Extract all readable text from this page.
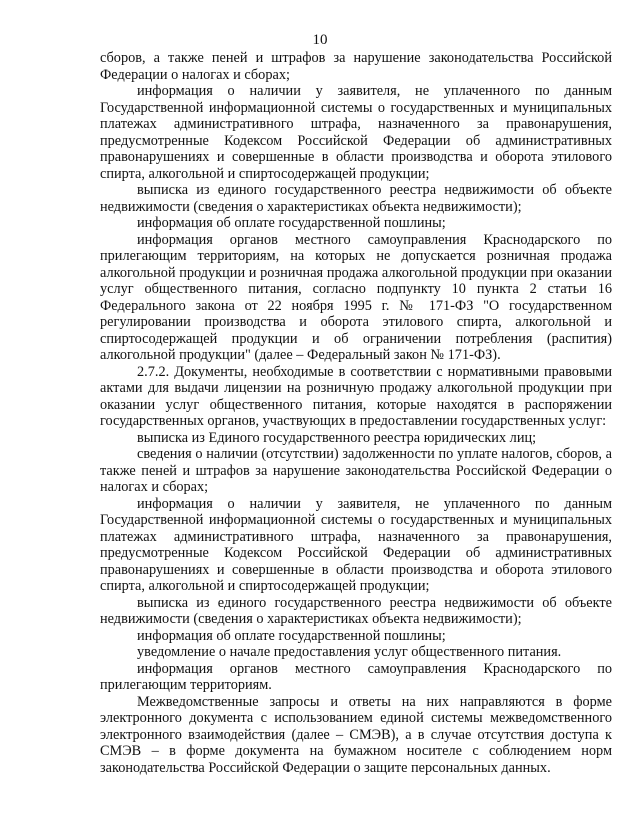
10

сборов, а также пеней и штрафов за нарушение законодательства Российской Федерации о налогах и сборах;

информация о наличии у заявителя, не уплаченного по данным Государственной информационной системы о государственных и муниципальных платежах административного штрафа, назначенного за правонарушения, предусмотренные Кодексом Российской Федерации об административных правонарушениях и совершенные в области производства и оборота этилового спирта, алкогольной и спиртосодержащей продукции;

выписка из единого государственного реестра недвижимости об объекте недвижимости (сведения о характеристиках объекта недвижимости);

информация об оплате государственной пошлины;

информация органов местного самоуправления Краснодарского по прилегающим территориям, на которых не допускается розничная продажа алкогольной продукции и розничная продажа алкогольной продукции при оказании услуг общественного питания, согласно подпункту 10 пункта 2 статьи 16 Федерального закона от 22 ноября 1995 г. № 171-ФЗ "О государственном регулировании производства и оборота этилового спирта, алкогольной и спиртосодержащей продукции и об ограничении потребления (распития) алкогольной продукции" (далее – Федеральный закон № 171-ФЗ).

2.7.2. Документы, необходимые в соответствии с нормативными правовыми актами для выдачи лицензии на розничную продажу алкогольной продукции при оказании услуг общественного питания, которые находятся в распоряжении государственных органов, участвующих в предоставлении государственных услуг:

выписка из Единого государственного реестра юридических лиц;

сведения о наличии (отсутствии) задолженности по уплате налогов, сборов, а также пеней и штрафов за нарушение законодательства Российской Федерации о налогах и сборах;

информация о наличии у заявителя, не уплаченного по данным Государственной информационной системы о государственных и муниципальных платежах административного штрафа, назначенного за правонарушения, предусмотренные Кодексом Российской Федерации об административных правонарушениях и совершенные в области производства и оборота этилового спирта, алкогольной и спиртосодержащей продукции;

выписка из единого государственного реестра недвижимости об объекте недвижимости (сведения о характеристиках объекта недвижимости);

информация об оплате государственной пошлины;

уведомление о начале предоставления услуг общественного питания.

информация органов местного самоуправления Краснодарского по прилегающим территориям.

Межведомственные запросы и ответы на них направляются в форме электронного документа с использованием единой системы межведомственного электронного взаимодействия (далее – СМЭВ), а в случае отсутствия доступа к СМЭВ – в форме документа на бумажном носителе с соблюдением норм законодательства Российской Федерации о защите персональных данных.
